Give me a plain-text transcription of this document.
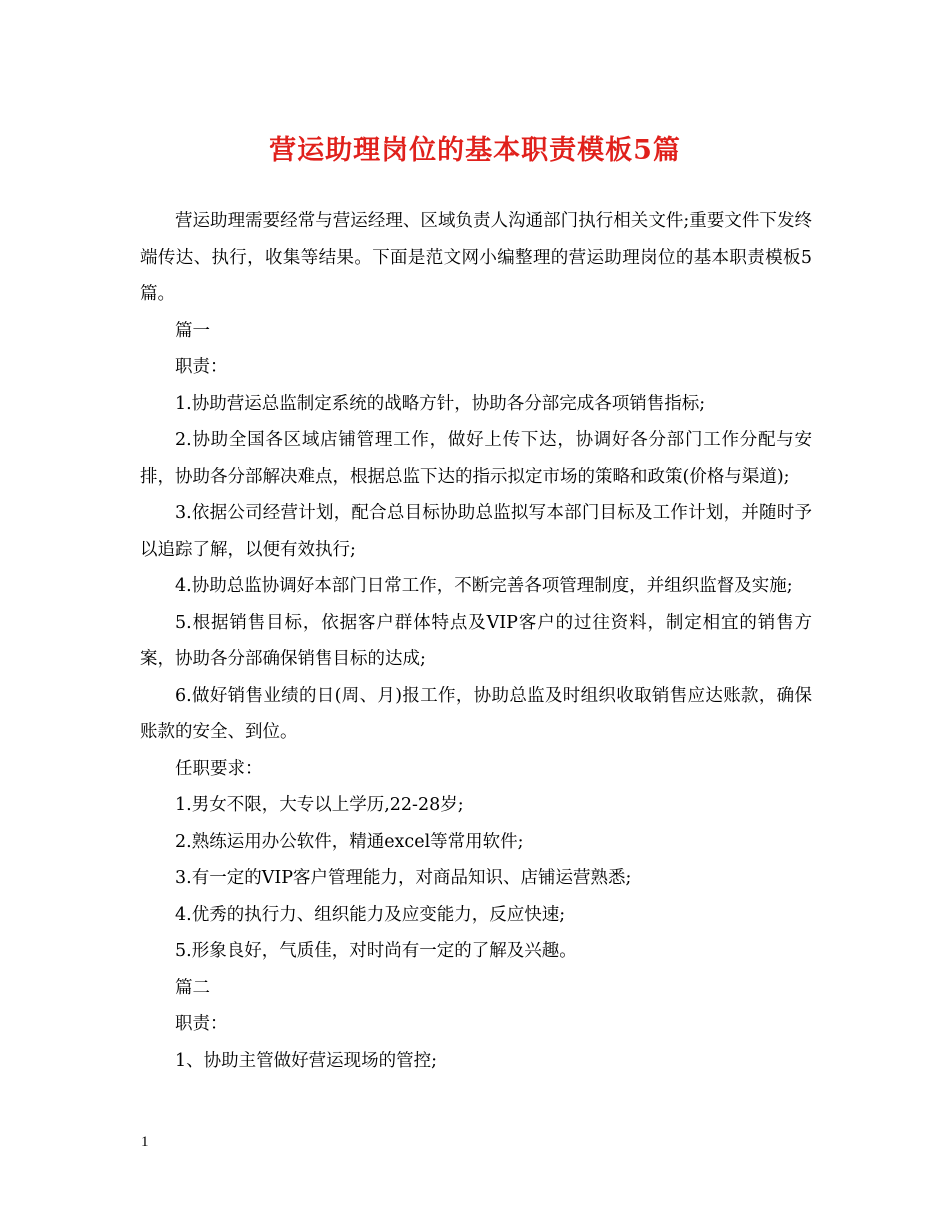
营运助理岗位的基本职责模板5篇

营运助理需要经常与营运经理、区域负责人沟通部门执行相关文件;重要文件下发终端传达、执行，收集等结果。下面是范文网小编整理的营运助理岗位的基本职责模板5篇。

篇一

职责：

1.协助营运总监制定系统的战略方针，协助各分部完成各项销售指标;

2.协助全国各区域店铺管理工作，做好上传下达，协调好各分部门工作分配与安排，协助各分部解决难点，根据总监下达的指示拟定市场的策略和政策(价格与渠道);

3.依据公司经营计划，配合总目标协助总监拟写本部门目标及工作计划，并随时予以追踪了解，以便有效执行;

4.协助总监协调好本部门日常工作，不断完善各项管理制度，并组织监督及实施;

5.根据销售目标，依据客户群体特点及VIP客户的过往资料，制定相宜的销售方案，协助各分部确保销售目标的达成;

6.做好销售业绩的日(周、月)报工作，协助总监及时组织收取销售应达账款，确保账款的安全、到位。

任职要求：

1.男女不限，大专以上学历,22-28岁;

2.熟练运用办公软件，精通excel等常用软件;

3.有一定的VIP客户管理能力，对商品知识、店铺运营熟悉;

4.优秀的执行力、组织能力及应变能力，反应快速;

5.形象良好，气质佳，对时尚有一定的了解及兴趣。

篇二

职责：

1、协助主管做好营运现场的管控;

1
